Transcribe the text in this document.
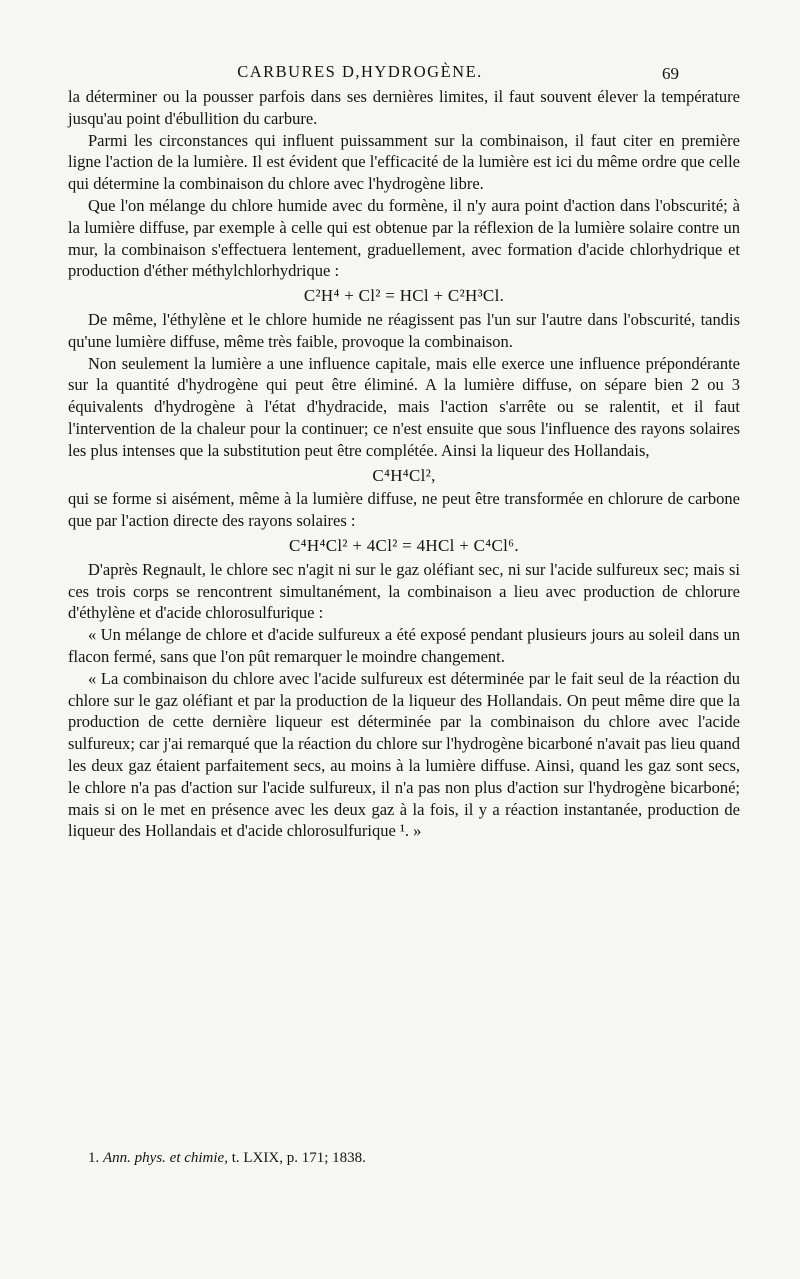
CARBURES D,HYDROGÈNE.	69

la déterminer ou la pousser parfois dans ses dernières limites, il faut souvent élever la température jusqu'au point d'ébullition du carbure.

Parmi les circonstances qui influent puissamment sur la combinaison, il faut citer en première ligne l'action de la lumière. Il est évident que l'efficacité de la lumière est ici du même ordre que celle qui détermine la combinaison du chlore avec l'hydrogène libre.

Que l'on mélange du chlore humide avec du formène, il n'y aura point d'action dans l'obscurité; à la lumière diffuse, par exemple à celle qui est obtenue par la réflexion de la lumière solaire contre un mur, la combinaison s'effectuera lentement, graduellement, avec formation d'acide chlorhydrique et production d'éther méthylchlorhydrique :

C²H⁴ + Cl² = HCl + C²H³Cl.

De même, l'éthylène et le chlore humide ne réagissent pas l'un sur l'autre dans l'obscurité, tandis qu'une lumière diffuse, même très faible, provoque la combinaison.

Non seulement la lumière a une influence capitale, mais elle exerce une influence prépondérante sur la quantité d'hydrogène qui peut être éliminé. A la lumière diffuse, on sépare bien 2 ou 3 équivalents d'hydrogène à l'état d'hydracide, mais l'action s'arrête ou se ralentit, et il faut l'intervention de la chaleur pour la continuer; ce n'est ensuite que sous l'influence des rayons solaires les plus intenses que la substitution peut être complétée. Ainsi la liqueur des Hollandais,

C⁴H⁴Cl²,

qui se forme si aisément, même à la lumière diffuse, ne peut être transformée en chlorure de carbone que par l'action directe des rayons solaires :

C⁴H⁴Cl² + 4Cl² = 4HCl + C⁴Cl⁶.

D'après Regnault, le chlore sec n'agit ni sur le gaz oléfiant sec, ni sur l'acide sulfureux sec; mais si ces trois corps se rencontrent simultanément, la combinaison a lieu avec production de chlorure d'éthylène et d'acide chlorosulfurique :

« Un mélange de chlore et d'acide sulfureux a été exposé pendant plusieurs jours au soleil dans un flacon fermé, sans que l'on pût remarquer le moindre changement.

« La combinaison du chlore avec l'acide sulfureux est déterminée par le fait seul de la réaction du chlore sur le gaz oléfiant et par la production de la liqueur des Hollandais. On peut même dire que la production de cette dernière liqueur est déterminée par la combinaison du chlore avec l'acide sulfureux; car j'ai remarqué que la réaction du chlore sur l'hydrogène bicarboné n'avait pas lieu quand les deux gaz étaient parfaitement secs, au moins à la lumière diffuse. Ainsi, quand les gaz sont secs, le chlore n'a pas d'action sur l'acide sulfureux, il n'a pas non plus d'action sur l'hydrogène bicarboné; mais si on le met en présence avec les deux gaz à la fois, il y a réaction instantanée, production de liqueur des Hollandais et d'acide chlorosulfurique ¹. »

1. Ann. phys. et chimie, t. LXIX, p. 171; 1838.
